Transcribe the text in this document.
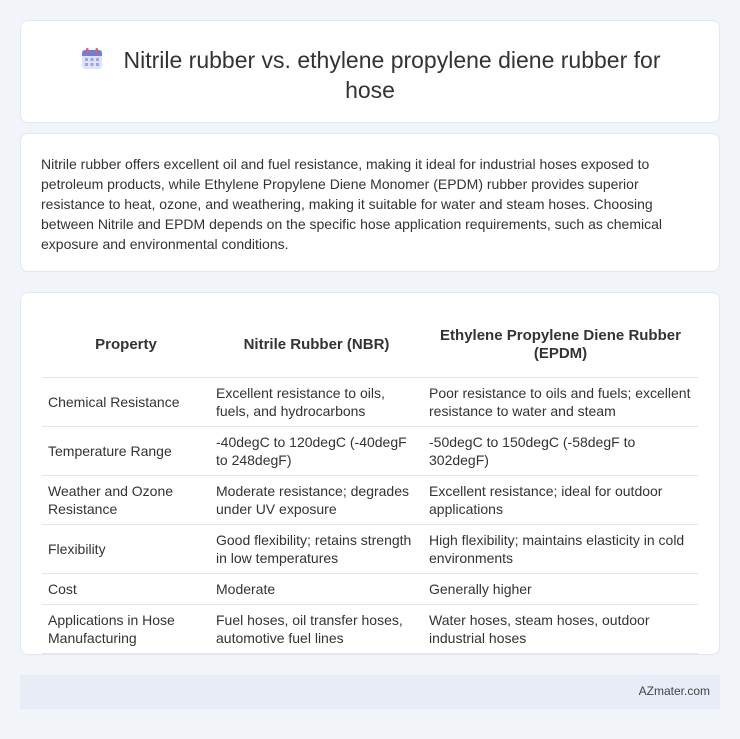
Nitrile rubber vs. ethylene propylene diene rubber for hose

Nitrile rubber offers excellent oil and fuel resistance, making it ideal for industrial hoses exposed to petroleum products, while Ethylene Propylene Diene Monomer (EPDM) rubber provides superior resistance to heat, ozone, and weathering, making it suitable for water and steam hoses. Choosing between Nitrile and EPDM depends on the specific hose application requirements, such as chemical exposure and environmental conditions.

Property	Nitrile Rubber (NBR)	Ethylene Propylene Diene Rubber (EPDM)
Chemical Resistance	Excellent resistance to oils, fuels, and hydrocarbons	Poor resistance to oils and fuels; excellent resistance to water and steam
Temperature Range	-40degC to 120degC (-40degF to 248degF)	-50degC to 150degC (-58degF to 302degF)
Weather and Ozone Resistance	Moderate resistance; degrades under UV exposure	Excellent resistance; ideal for outdoor applications
Flexibility	Good flexibility; retains strength in low temperatures	High flexibility; maintains elasticity in cold environments
Cost	Moderate	Generally higher
Applications in Hose Manufacturing	Fuel hoses, oil transfer hoses, automotive fuel lines	Water hoses, steam hoses, outdoor industrial hoses
AZmater.com
